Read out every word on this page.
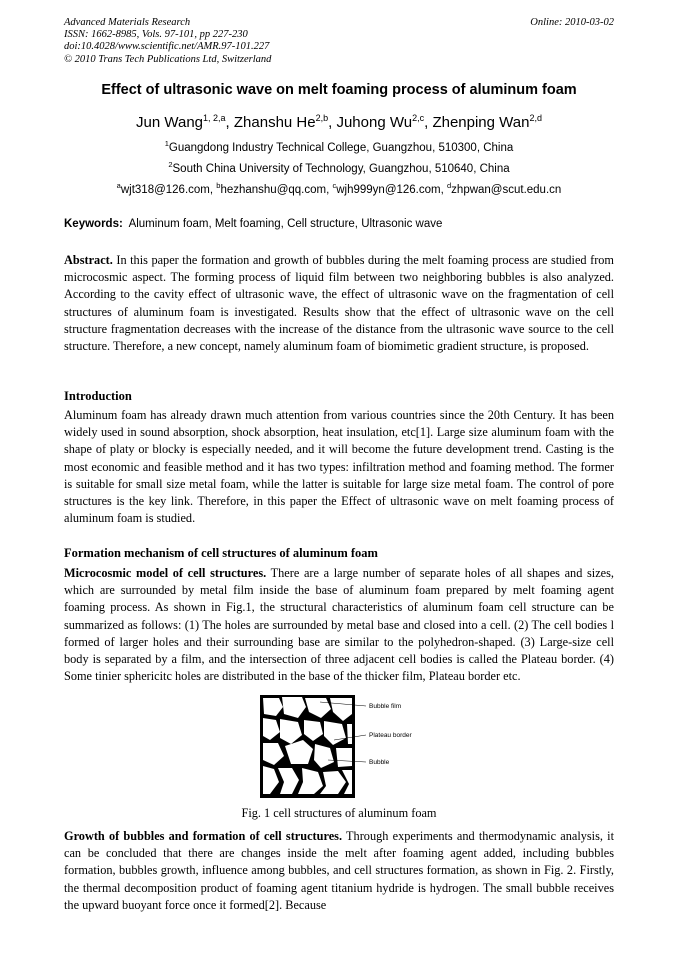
Advanced Materials Research
ISSN: 1662-8985, Vols. 97-101, pp 227-230
doi:10.4028/www.scientific.net/AMR.97-101.227
© 2010 Trans Tech Publications Ltd, Switzerland
Online: 2010-03-02
Effect of ultrasonic wave on melt foaming process of aluminum foam
Jun Wang$^{1, 2,a}$, Zhanshu He$^{2,b}$, Juhong Wu$^{2,c}$, Zhenping Wan$^{2,d}$
$^1$Guangdong Industry Technical College, Guangzhou, 510300, China
$^2$South China University of Technology, Guangzhou, 510640, China
$^a$wjt318@126.com, $^b$hezhanshu@qq.com, $^c$wjh999yn@126.com, $^d$zhpwan@scut.edu.cn
Keywords: Aluminum foam, Melt foaming, Cell structure, Ultrasonic wave
Abstract. In this paper the formation and growth of bubbles during the melt foaming process are studied from microcosmic aspect. The forming process of liquid film between two neighboring bubbles is also analyzed. According to the cavity effect of ultrasonic wave, the effect of ultrasonic wave on the fragmentation of cell structures of aluminum foam is investigated. Results show that the effect of ultrasonic wave on the cell structure fragmentation decreases with the increase of the distance from the ultrasonic wave source to the cell structure. Therefore, a new concept, namely aluminum foam of biomimetic gradient structure, is proposed.
Introduction
Aluminum foam has already drawn much attention from various countries since the 20th Century. It has been widely used in sound absorption, shock absorption, heat insulation, etc[1]. Large size aluminum foam with the shape of platy or blocky is especially needed, and it will become the future development trend. Casting is the most economic and feasible method and it has two types: infiltration method and foaming method. The former is suitable for small size metal foam, while the latter is suitable for large size metal foam. The control of pore structures is the key link. Therefore, in this paper the Effect of ultrasonic wave on melt foaming process of aluminum foam is studied.
Formation mechanism of cell structures of aluminum foam
Microcosmic model of cell structures. There are a large number of separate holes of all shapes and sizes, which are surrounded by metal film inside the base of aluminum foam prepared by melt foaming agent foaming process. As shown in Fig.1, the structural characteristics of aluminum foam cell structure can be summarized as follows: (1) The holes are surrounded by metal base and closed into a cell. (2) The cell bodies l formed of larger holes and their surrounding base are similar to the polyhedron-shaped. (3) Large-size cell body is separated by a film, and the intersection of three adjacent cell bodies is called the Plateau border. (4) Some tinier sphericitc holes are distributed in the base of the thicker film, Plateau border etc.
Bubble film
Plateau border
Bubble
Fig. 1 cell structures of aluminum foam
Growth of bubbles and formation of cell structures. Through experiments and thermodynamic analysis, it can be concluded that there are changes inside the melt after foaming agent added, including bubbles formation, bubbles growth, influence among bubbles, and cell structures formation, as shown in Fig. 2. Firstly, the thermal decomposition product of foaming agent titanium hydride is hydrogen. The small bubble receives the upward buoyant force once it formed[2]. Because
